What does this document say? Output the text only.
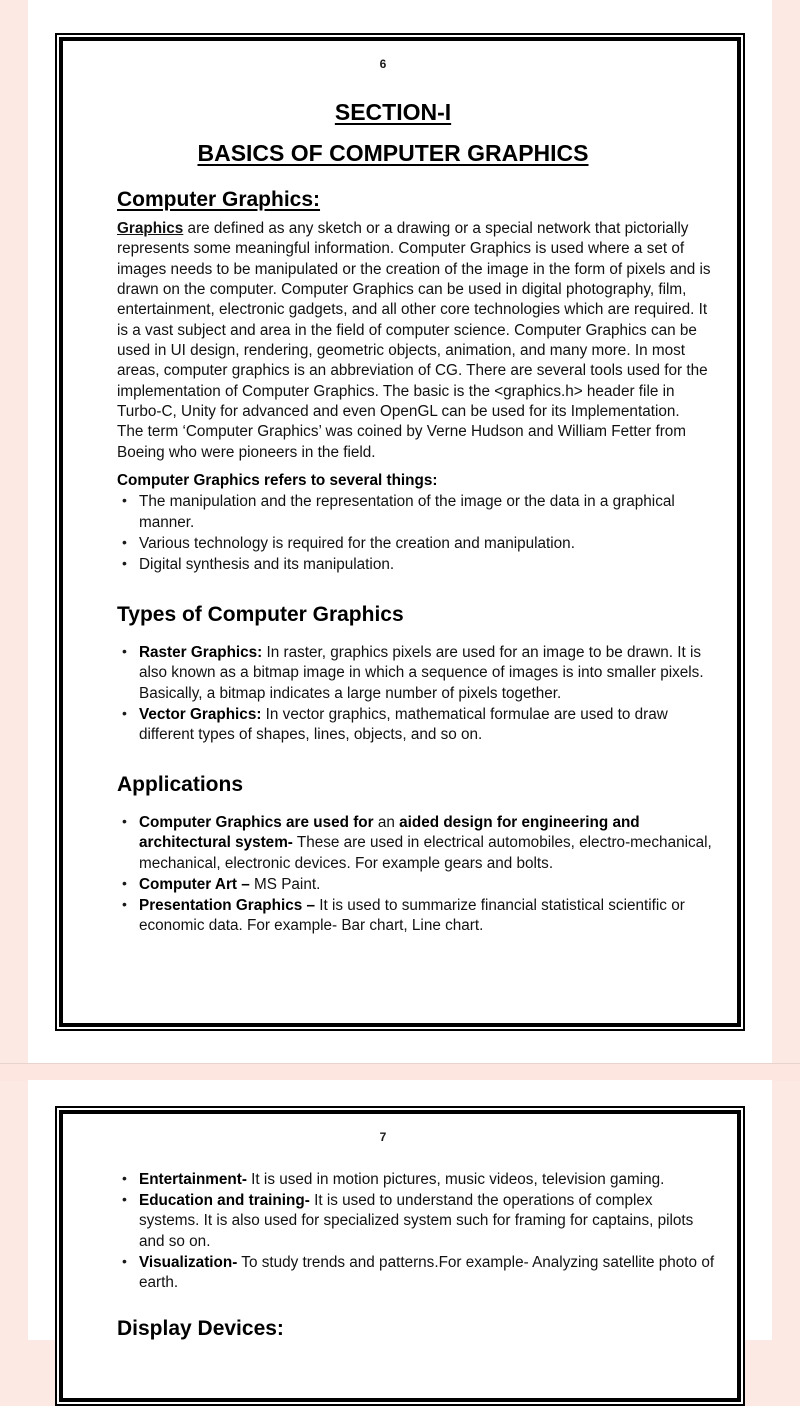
6
SECTION-I
BASICS OF COMPUTER GRAPHICS
Computer Graphics:

Graphics are defined as any sketch or a drawing or a special network that pictorially represents some meaningful information. Computer Graphics is used where a set of images needs to be manipulated or the creation of the image in the form of pixels and is drawn on the computer. Computer Graphics can be used in digital photography, film, entertainment, electronic gadgets, and all other core technologies which are required. It is a vast subject and area in the field of computer science. Computer Graphics can be used in UI design, rendering, geometric objects, animation, and many more. In most areas, computer graphics is an abbreviation of CG. There are several tools used for the implementation of Computer Graphics. The basic is the <graphics.h> header file in Turbo-C, Unity for advanced and even OpenGL can be used for its Implementation.

The term ‘Computer Graphics’ was coined by Verne Hudson and William Fetter from Boeing who were pioneers in the field.

Computer Graphics refers to several things:

• The manipulation and the representation of the image or the data in a graphical manner.
• Various technology is required for the creation and manipulation.
• Digital synthesis and its manipulation.
Types of Computer Graphics
• Raster Graphics: In raster, graphics pixels are used for an image to be drawn. It is also known as a bitmap image in which a sequence of images is into smaller pixels. Basically, a bitmap indicates a large number of pixels together.
• Vector Graphics: In vector graphics, mathematical formulae are used to draw different types of shapes, lines, objects, and so on.
Applications
• Computer Graphics are used for an aided design for engineering and architectural system- These are used in electrical automobiles, electro-mechanical, mechanical, electronic devices. For example gears and bolts.
• Computer Art – MS Paint.
• Presentation Graphics – It is used to summarize financial statistical scientific or economic data. For example- Bar chart, Line chart.
7
• Entertainment- It is used in motion pictures, music videos, television gaming.
• Education and training- It is used to understand the operations of complex systems. It is also used for specialized system such for framing for captains, pilots and so on.
• Visualization- To study trends and patterns.For example- Analyzing satellite photo of earth.
Display Devices:
